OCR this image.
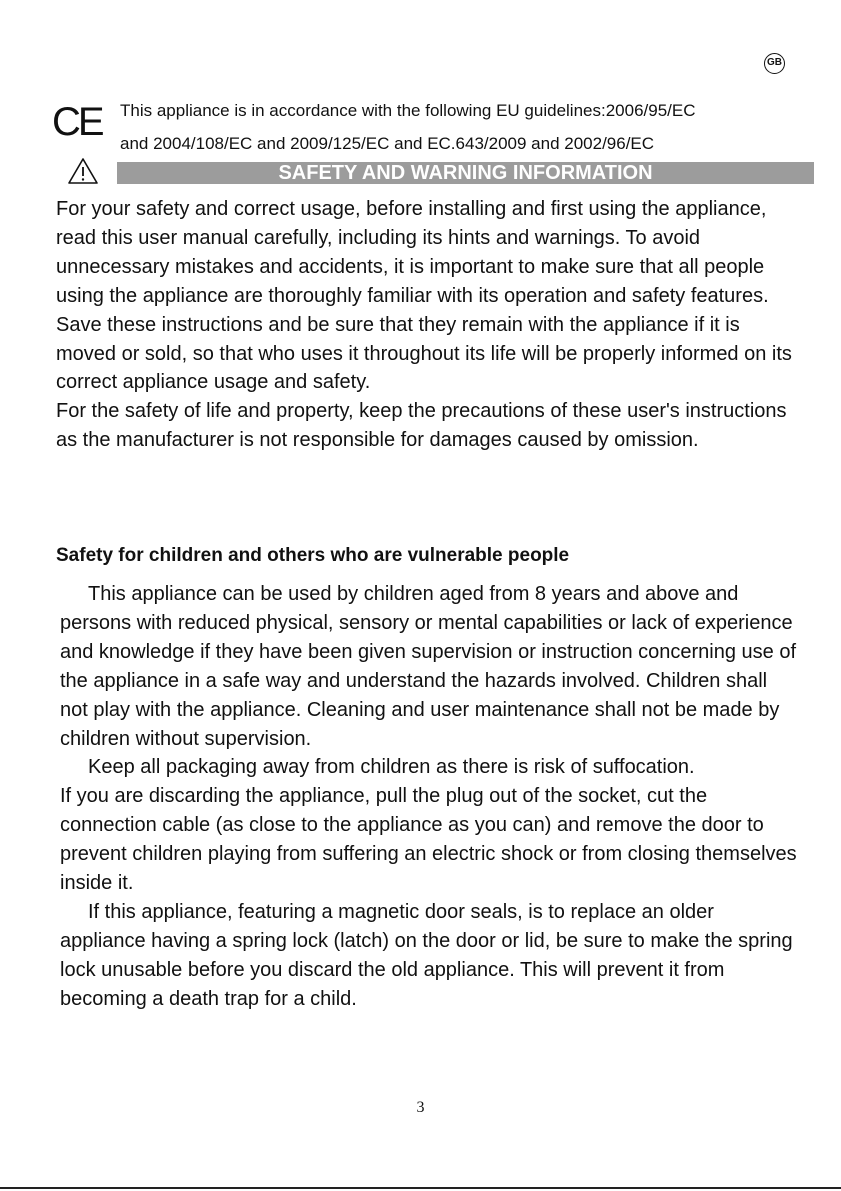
GB
CE This appliance is in accordance with the following EU guidelines:2006/95/EC
and 2004/108/EC and 2009/125/EC and EC.643/2009 and 2002/96/EC
SAFETY AND WARNING INFORMATION
For your safety and correct usage, before installing and first using the appliance, read this user manual carefully, including its hints and warnings. To avoid unnecessary mistakes and accidents, it is important to make sure that all people using the appliance are thoroughly familiar with its operation and safety features. Save these instructions and be sure that they remain with the appliance if it is moved or sold, so that who uses it throughout its life will be properly informed on its correct appliance usage and safety.
For the safety of life and property, keep the precautions of these user's instructions as the manufacturer is not responsible for damages caused by omission.
Safety for children and others who are vulnerable people
This appliance can be used by children aged from 8 years and above and persons with reduced physical, sensory or mental capabilities or lack of experience and knowledge if they have been given supervision or instruction concerning use of the appliance in a safe way and understand the hazards involved. Children shall not play with the appliance. Cleaning and user maintenance shall not be made by children without supervision.
Keep all packaging away from children as there is risk of suffocation.
If you are discarding the appliance, pull the plug out of the socket, cut the connection cable (as close to the appliance as you can) and remove the door to prevent children playing from suffering an electric shock or from closing themselves inside it.
If this appliance, featuring a magnetic door seals, is to replace an older appliance having a spring lock (latch) on the door or lid, be sure to make the spring lock unusable before you discard the old appliance. This will prevent it from becoming a death trap for a child.
3
